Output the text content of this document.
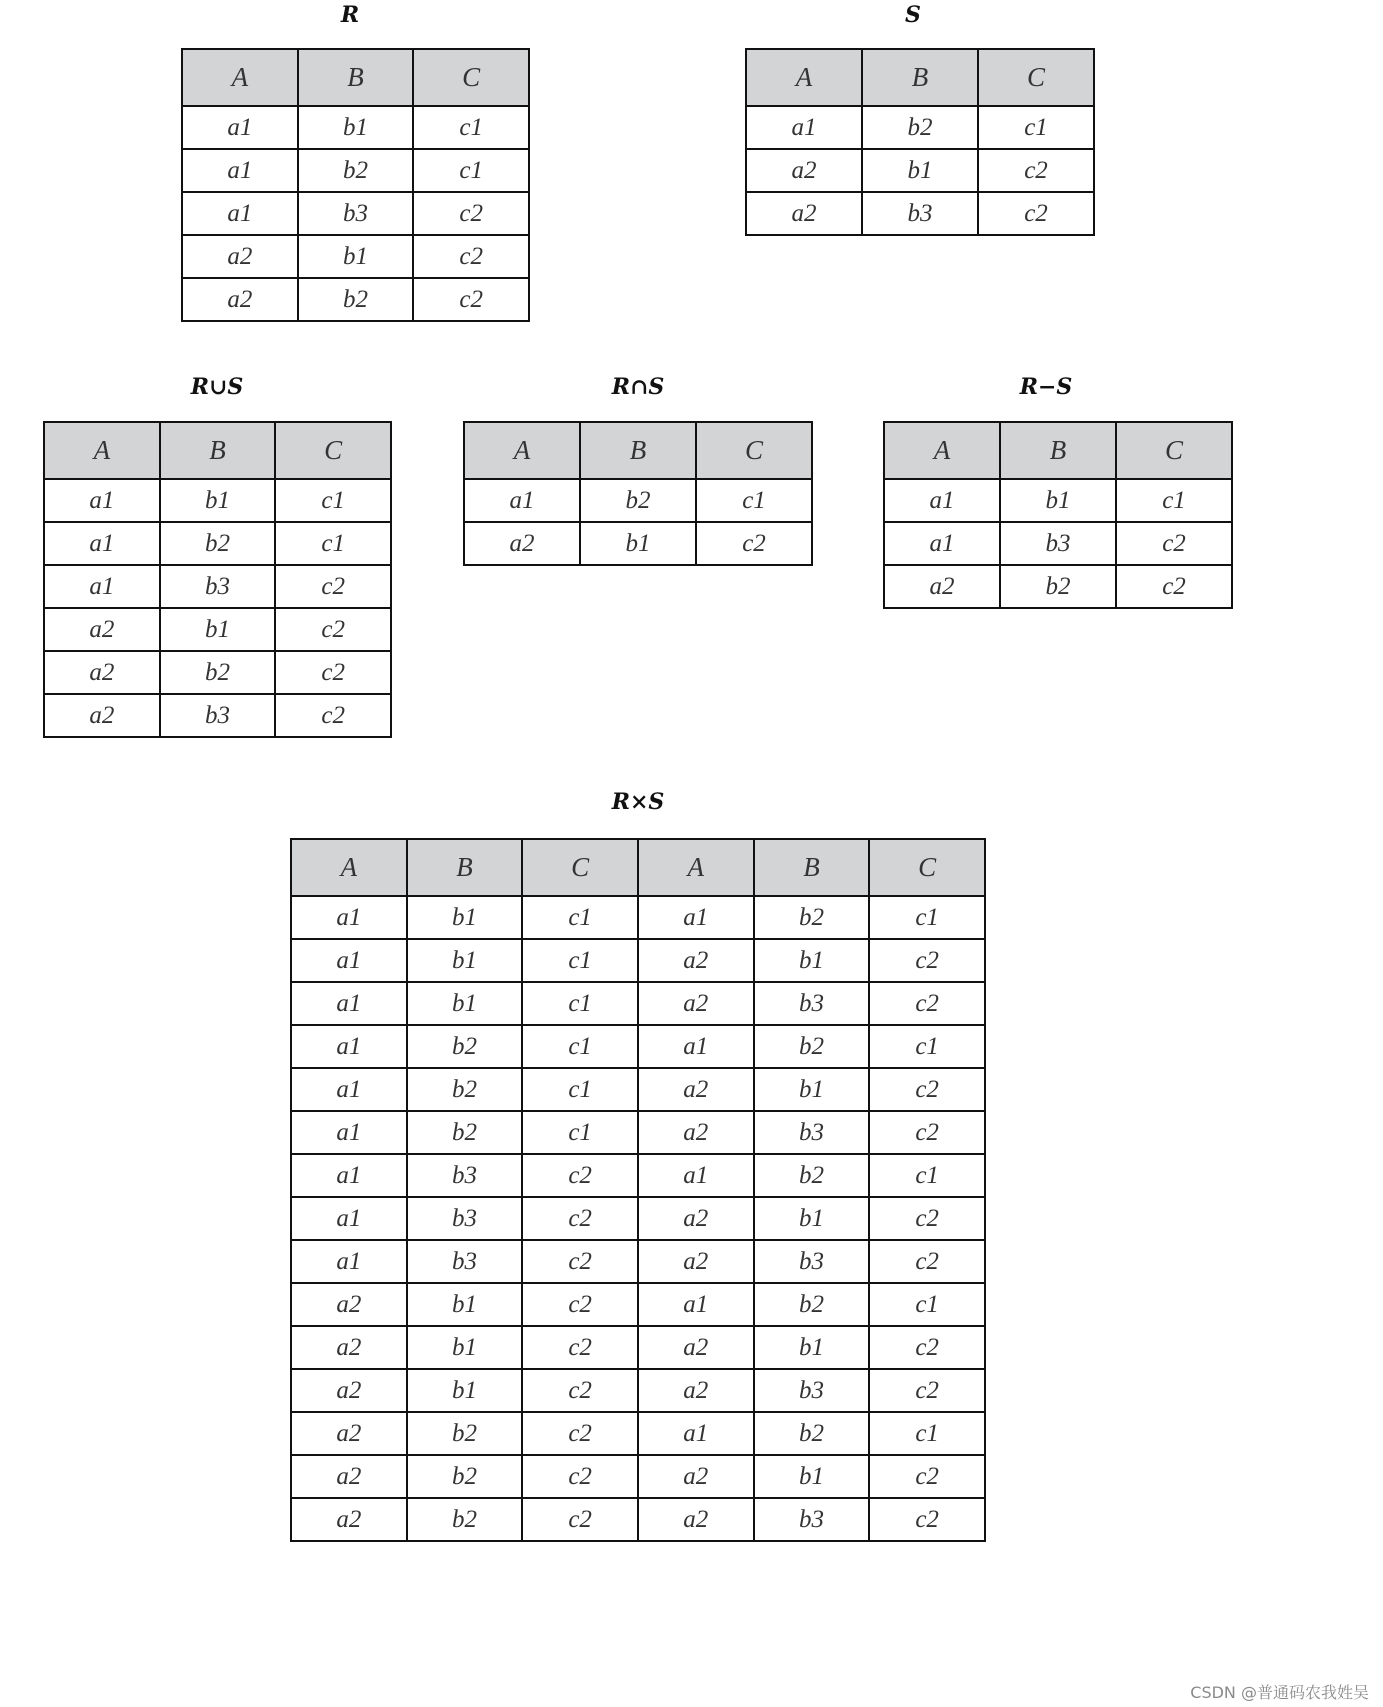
R	S
R∪S	R∩S	R−S
R×S
A	B	C
a1	b1	c1
a1	b2	c1
a1	b3	c2
a2	b1	c2
a2	b2	c2
A	B	C
a1	b2	c1
a2	b1	c2
a2	b3	c2
A	B	C
a1	b1	c1
a1	b2	c1
a1	b3	c2
a2	b1	c2
a2	b2	c2
a2	b3	c2
A	B	C
a1	b2	c1
a2	b1	c2
A	B	C
a1	b1	c1
a1	b3	c2
a2	b2	c2
A	B	C	A	B	C
a1	b1	c1	a1	b2	c1
a1	b1	c1	a2	b1	c2
a1	b1	c1	a2	b3	c2
a1	b2	c1	a1	b2	c1
a1	b2	c1	a2	b1	c2
a1	b2	c1	a2	b3	c2
a1	b3	c2	a1	b2	c1
a1	b3	c2	a2	b1	c2
a1	b3	c2	a2	b3	c2
a2	b1	c2	a1	b2	c1
a2	b1	c2	a2	b1	c2
a2	b1	c2	a2	b3	c2
a2	b2	c2	a1	b2	c1
a2	b2	c2	a2	b1	c2
a2	b2	c2	a2	b3	c2
CSDN @普通码农我姓吴
